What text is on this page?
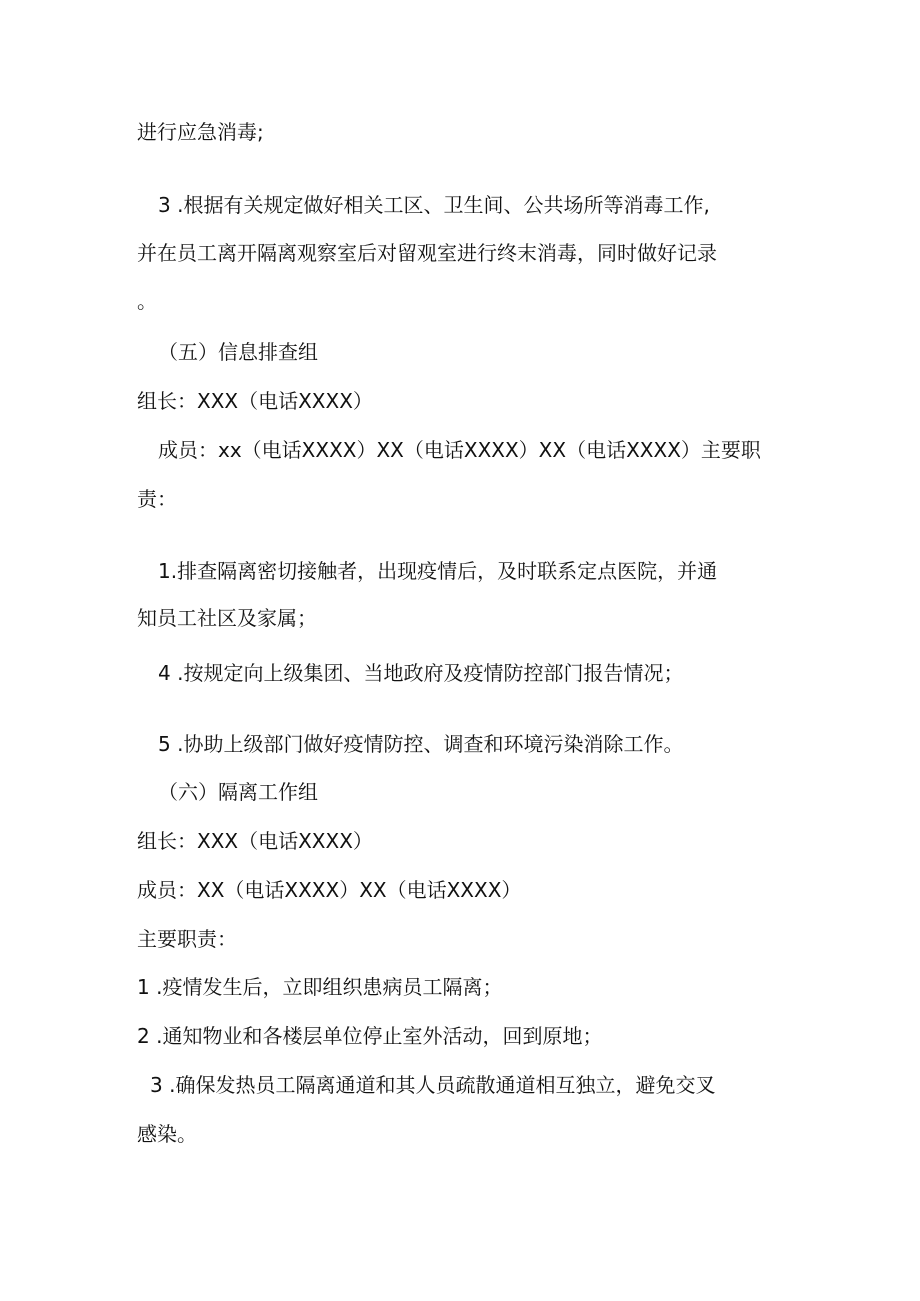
进行应急消毒;
3 .根据有关规定做好相关工区、卫生间、公共场所等消毒工作,
并在员工离开隔离观察室后对留观室进行终末消毒，同时做好记录
。
（五）信息排查组
组长：XXX（电话XXXX）
成员：xx（电话XXXX）XX（电话XXXX）XX（电话XXXX）主要职
责：
1.排查隔离密切接触者，出现疫情后，及时联系定点医院，并通
知员工社区及家属；
4 .按规定向上级集团、当地政府及疫情防控部门报告情况；
5 .协助上级部门做好疫情防控、调查和环境污染消除工作。
（六）隔离工作组
组长：XXX（电话XXXX）
成员：XX（电话XXXX）XX（电话XXXX）
主要职责：
1 .疫情发生后，立即组织患病员工隔离；
2 .通知物业和各楼层单位停止室外活动，回到原地；
3 .确保发热员工隔离通道和其人员疏散通道相互独立，避免交叉
感染。
